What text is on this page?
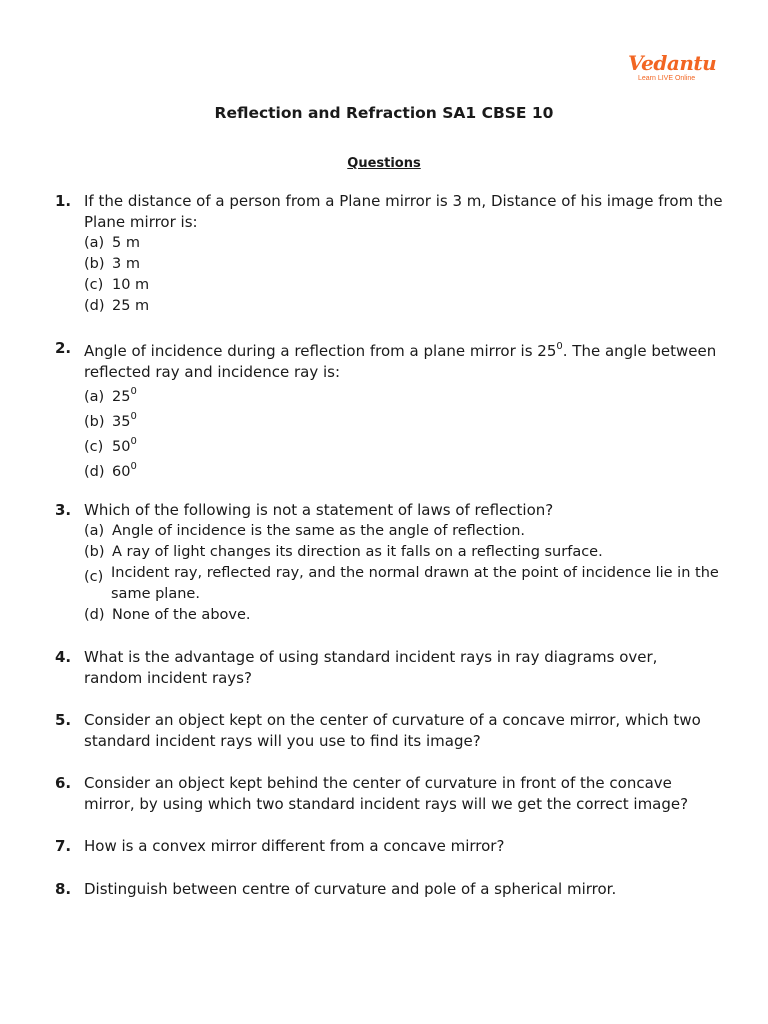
Vedantu
Learn LIVE Online
Reflection and Refraction SA1 CBSE 10
Questions
1. If the distance of a person from a Plane mirror is 3 m, Distance of his image from the Plane mirror is:
(a) 5 m
(b) 3 m
(c) 10 m
(d) 25 m
2. Angle of incidence during a reflection from a plane mirror is $25^0$. The angle between reflected ray and incidence ray is:
(a) $25^0$
(b) $35^0$
(c) $50^0$
(d) $60^0$
3. Which of the following is not a statement of laws of reflection?
(a) Angle of incidence is the same as the angle of reflection.
(b) A ray of light changes its direction as it falls on a reflecting surface.
(c) Incident ray, reflected ray, and the normal drawn at the point of incidence lie in the same plane.
(d) None of the above.
4. What is the advantage of using standard incident rays in ray diagrams over, random incident rays?
5. Consider an object kept on the center of curvature of a concave mirror, which two standard incident rays will you use to find its image?
6. Consider an object kept behind the center of curvature in front of the concave mirror, by using which two standard incident rays will we get the correct image?
7. How is a convex mirror different from a concave mirror?
8. Distinguish between centre of curvature and pole of a spherical mirror.
